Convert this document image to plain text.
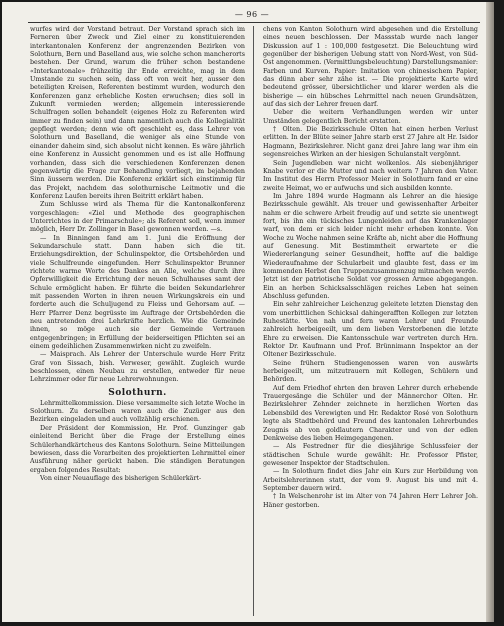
— 96 —

wurfes wird der Vorstand betraut. Der Vorstand sprach sich im Ferneren über Zweck und Ziel einer zu konstituierenden interkantonalen Konferenz der angrenzenden Bezirken von Solothurn, Bern und Baselland aus, wie solche schon mancherorts bestehen. Der Grund, warum die früher schon bestandene «Interkantonale» frühzeitig ihr Ende erreichte, mag in dem Umstande zu suchen sein, dass oft von weit her, ausser den beteiligten Kreisen, Referenten bestimmt wurden, wodurch den Konferenzen ganz erhebliche Kosten erwuchsen; dies soll in Zukunft vermieden werden; allgemein interessierende Schulfragen sollen behandelt (eigenes Holz zu Referenten wird immer zu finden sein) und dann namentlich auch die Kollegialität gepflegt werden; denn wie oft geschieht es, dass Lehrer von Solothurn und Baselland, die weniger als eine Stunde von einander daheim sind, sich absolut nicht kennen. Es wäre jährlich eine Konferenz in Aussicht genommen und es ist alle Hoffnung vorhanden, dass sich die verschiedenen Konferenzen denen gegenwärtig die Frage zur Behandlung vorliegt, im bejahenden Sinn äussern werden. Die Konferenz erklärt sich einstimmig für das Projekt, nachdem das solothurnische Leitmotiv und die Konferenz Laufen bereits ihren Beitritt erklärt haben.

Zum Schlusse wird als Thema für die Kantonalkonferenz vorgeschlagen: «Ziel und Methode des geographischen Unterrichtes in der Primarschule»; als Referent soll, wenn immer möglich, Herr Dr. Zollinger in Basel gewonnen werden. —s.

— In Binningen fand am 1. Juni die Eröffnung der Sekundarschule statt. Dann haben sich die tit. Erziehungsdirektion, der Schulinspektor, die Ortsbehörden und viele Schulfreunde eingefunden. Herr Schulinspektor Brunner richtete warme Worte des Dankes an Alle, welche durch ihre Opferwilligkeit die Errichtung der neuen Schulhauses samt der Schule ermöglicht haben. Er führte die beiden Sekundarlehrer mit passenden Worten in ihren neuen Wirkungskreis ein und forderte auch die Schuljugend zu Fleiss und Gehorsam auf. — Herr Pfarrer Denz begrüsste im Auftrage der Ortsbehörden die neu antretenden drei Lehrkräfte herzlich. Wie die Gemeinde ihnen, so möge auch sie der Gemeinde Vertrauen entgegenbringen; in Erfüllung der beiderseitigen Pflichten sei an einem gedeihlichen Zusammenwirken nicht zu zweifeln.

— Maisprach. Als Lehrer der Unterschule wurde Herr Fritz Graf von Sissach, bish. Verweser, gewählt. Zugleich wurde beschlossen, einen Neubau zu erstellen, entweder für neue Lehrzimmer oder für neue Lehrerwohnungen.

Solothurn.

Lehrmittelkommission. Diese versammelte sich letzte Woche in Solothurn. Zu derselben waren auch die Zuzüger aus den Bezirken eingeladen und auch vollzählig erschienen.

Der Präsident der Kommission, Hr. Prof. Gunzinger gab einleitend Bericht über die Frage der Erstellung eines Schülerhandkärtcheus des Kantons Solothurn. Seine Mitteilungen bewiesen, dass die Vorarbeiten des projektierten Lehrmittel einer Ausführung näher gerückt haben. Die ständigen Beratungen ergaben folgendes Resultat:

Von einer Neuauflage des bisherigen Schülerkärt-

chens von Kanton Solothurn wird abgesehen und die Erstellung eines neuen beschlossen. Der Massstab wurde nach langer Diskussion auf 1 : 100,000 festgesetzt. Die Beleuchtung wird gegenüber der bisherigen Uebung statt von Nord-West, von Süd-Ost angenommen. (Vermittlungsbeleuchtung) Darstellungsmanier: Farben und Kurven. Papier: Imitation von chinesischem Papier, das dünn aber sehr zähe ist. — Die projektierte Karte wird bedeutend grösser, übersichtlicher und klarer werden als die bisherige — ein hübsches Lehrmittel nach neuen Grundsätzen, auf das sich der Lehrer freuen darf.

Ueber die weitern Verhandlungen werden wir unter Umständen gelegentlich Bericht erstatten.

† Olten. Die Bezirksschule Olten hat einen herben Verlust erlitten. In der Blüte seiner Jahre starb erst 27 Jahre alt Hr. Isidor Hagmann, Bezirkslehrer. Nicht ganz drei Jahre lang war ihm ein segensreiches Wirken an der hiesigen Schulanstalt vergönnt.

Sein Jugendleben war nicht wolkenlos. Als siebenjähriger Knabe verlor er die Mutter und nach weitern 7 Jahren den Vater. Im Institut des Herrn Professor Meier in Solothurn fand er eine zweite Heimat, wo er aufwuchs und sich ausbilden konnte.

Im Jahre 1894 wurde Hagmann als Lehrer an die hiesige Bezirksschule gewählt. Als treuer und gewissenhafter Arbeiter nahm er die schwere Arbeit freudig auf und setzte sie unentwegt fort, bis ihn ein tückisches Lungenleiden auf das Krankenlager warf, von dem er sich leider nicht mehr erheben konnte. Von Woche zu Woche nahmen seine Kräfte ab, nicht aber die Hoffnung auf Genesung. Mit Bestimmtheit erwartete er die Wiedererlangung seiner Gesundheit, hoffte auf die baldige Wiederaufnahme der Schularbeit und glaubte fest, dass er im kommenden Herbst den Truppenzusammenzug mitmachen werde. Jetzt ist der patriotische Soldat vor grossen Armee abgegangen. Ein an herben Schicksalsschlägen reiches Leben hat seinen Abschluss gefunden.

Ein sehr zahlreicher Leichenzug geleitete letzten Dienstag den vom unerbittlichen Schicksal dahingerafften Kollegen zur letzten Ruhestätte. Von nah und fern waren Lehrer und Freunde zahlreich herbeigeeilt, um dem lieben Verstorbenen die letzte Ehre zu erweisen. Die Kantonsschule war vertreten durch Hrn. Rektor Dr. Kaufmann und Prof. Brünnimann Inspektor an der Oltener Bezirksschule.

Seine frühern Studiengenossen waren von auswärts herbeigeeilt, um mitzutrauern mit Kollegen, Schülern und Behörden.

Auf dem Friedhof ehrten den braven Lehrer durch erhebende Trauergesänge die Schüler und der Männerchor Olten. Hr. Bezirkslehrer Zehnder zeichnete in herzlichen Worten das Lebensbild des Verewigten und Hr. Redaktor Rosé von Solothurn legte als Stadtbehörd und Freund des kantonalen Lehrerbundes Zeugnis ab von goldlautern Charakter und von der edlen Denkweise des lieben Heimgegangenen.

— Als Festredner für die diesjährige Schlussfeier der städtischen Schule wurde gewählt: Hr. Professor Pfister, gewesener Inspektor der Stadtschulen.

— In Solothurn findet dies Jahr ein Kurs zur Herbildung von Arbeitslehrerinnen statt, der vom 9. August bis und mit 4. September dauern wird.

† In Welschenrohr ist im Alter von 74 Jahren Herr Lehrer Joh. Häner gestorben.
